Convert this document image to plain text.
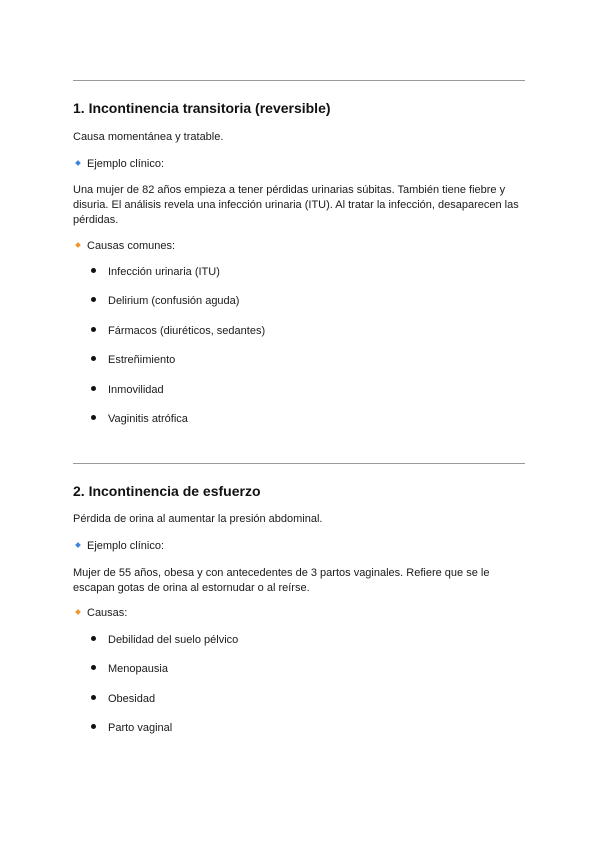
1. Incontinencia transitoria (reversible)

Causa momentánea y tratable.

Ejemplo clínico:

Una mujer de 82 años empieza a tener pérdidas urinarias súbitas. También tiene fiebre y disuria. El análisis revela una infección urinaria (ITU). Al tratar la infección, desaparecen las pérdidas.

Causas comunes:
Infección urinaria (ITU)
Delirium (confusión aguda)
Fármacos (diuréticos, sedantes)
Estreñimiento
Inmovilidad
Vaginitis atrófica
2. Incontinencia de esfuerzo

Pérdida de orina al aumentar la presión abdominal.

Ejemplo clínico:

Mujer de 55 años, obesa y con antecedentes de 3 partos vaginales. Refiere que se le escapan gotas de orina al estornudar o al reírse.

Causas:
Debilidad del suelo pélvico
Menopausia
Obesidad
Parto vaginal
